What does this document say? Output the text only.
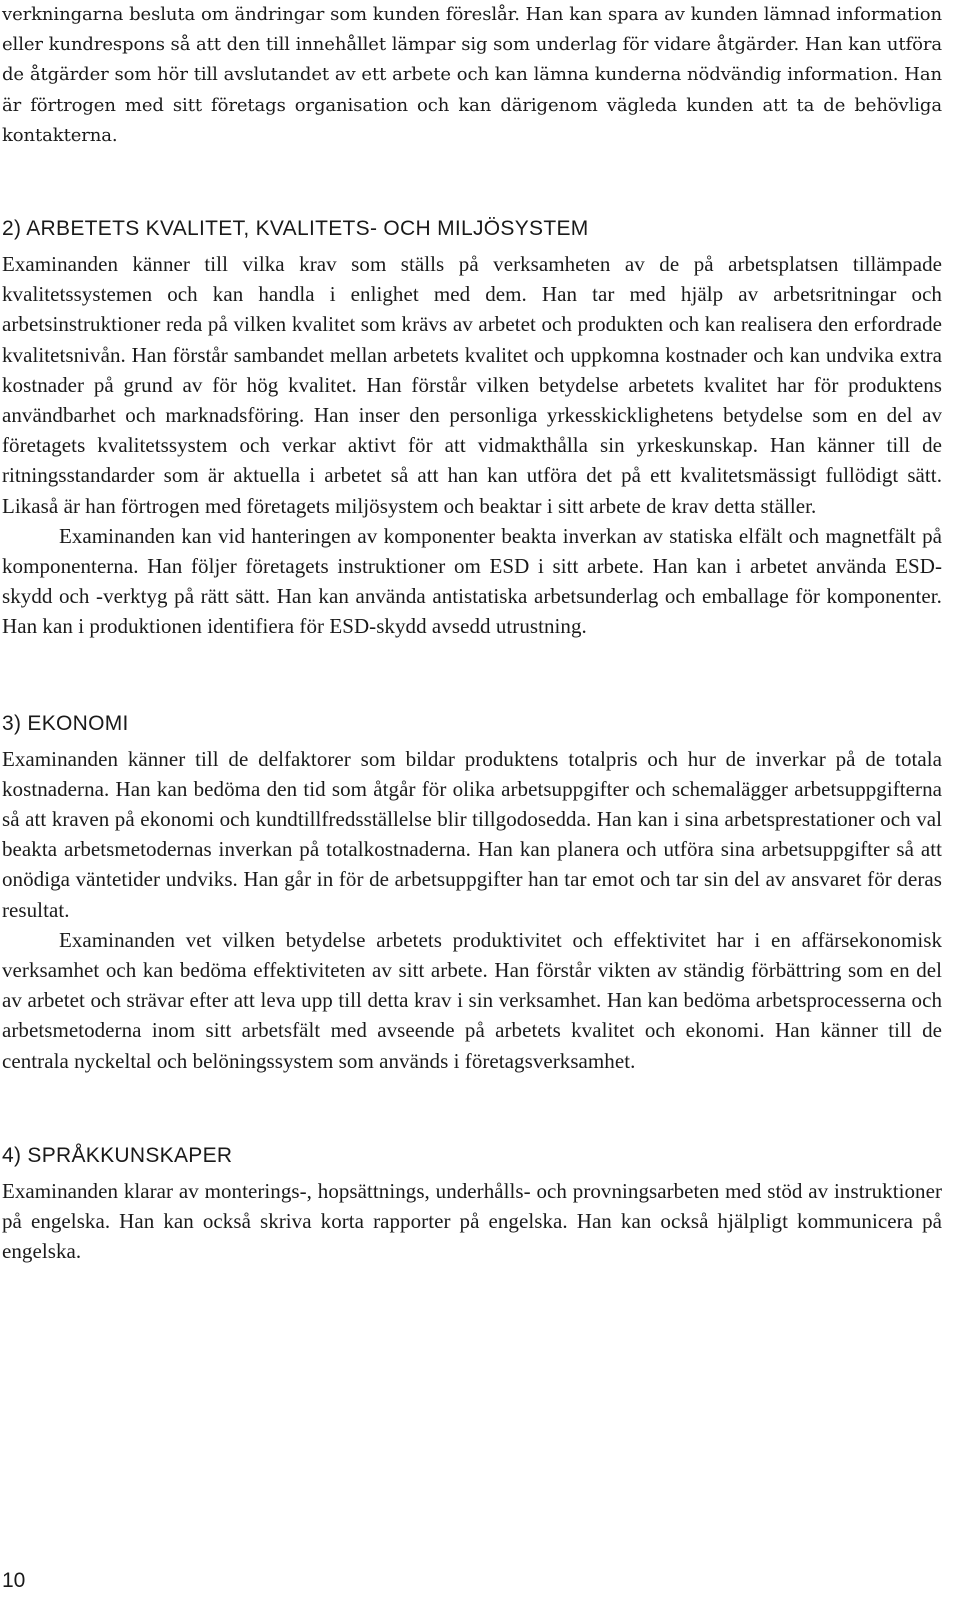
verkningarna besluta om ändringar som kunden föreslår. Han kan spara av kunden lämnad information eller kundrespons så att den till innehållet lämpar sig som underlag för vidare åtgärder. Han kan utföra de åtgärder som hör till avslutandet av ett arbete och kan lämna kunderna nödvändig information. Han är förtrogen med sitt företags organisation och kan därigenom vägleda kunden att ta de behövliga kontakterna.

2) ARBETETS KVALITET, KVALITETS- OCH MILJÖSYSTEM

Examinanden känner till vilka krav som ställs på verksamheten av de på arbetsplatsen tillämpade kvalitetssystemen och kan handla i enlighet med dem. Han tar med hjälp av arbetsritningar och arbetsinstruktioner reda på vilken kvalitet som krävs av arbetet och produkten och kan realisera den erfordrade kvalitetsnivån. Han förstår sambandet mellan arbetets kvalitet och uppkomna kostnader och kan undvika extra kostnader på grund av för hög kvalitet. Han förstår vilken betydelse arbetets kvalitet har för produktens användbarhet och marknadsföring. Han inser den personliga yrkesskicklighetens betydelse som en del av företagets kvalitetssystem och verkar aktivt för att vidmakthålla sin yrkeskunskap. Han känner till de ritningsstandarder som är aktuella i arbetet så att han kan utföra det på ett kvalitetsmässigt fullödigt sätt. Likaså är han förtrogen med företagets miljösystem och beaktar i sitt arbete de krav detta ställer.

Examinanden kan vid hanteringen av komponenter beakta inverkan av statiska elfält och magnetfält på komponenterna. Han följer företagets instruktioner om ESD i sitt arbete. Han kan i arbetet använda ESD-skydd och -verktyg på rätt sätt. Han kan använda antistatiska arbetsunderlag och emballage för komponenter. Han kan i produktionen identifiera för ESD-skydd avsedd utrustning.

3) EKONOMI

Examinanden känner till de delfaktorer som bildar produktens totalpris och hur de inverkar på de totala kostnaderna. Han kan bedöma den tid som åtgår för olika arbetsuppgifter och schemalägger arbetsuppgifterna så att kraven på ekonomi och kundtillfredsställelse blir tillgodosedda. Han kan i sina arbetsprestationer och val beakta arbetsmetodernas inverkan på totalkostnaderna. Han kan planera och utföra sina arbetsuppgifter så att onödiga väntetider undviks. Han går in för de arbetsuppgifter han tar emot och tar sin del av ansvaret för deras resultat.

Examinanden vet vilken betydelse arbetets produktivitet och effektivitet har i en affärsekonomisk verksamhet och kan bedöma effektiviteten av sitt arbete. Han förstår vikten av ständig förbättring som en del av arbetet och strävar efter att leva upp till detta krav i sin verksamhet. Han kan bedöma arbetsprocesserna och arbetsmetoderna inom sitt arbetsfält med avseende på arbetets kvalitet och ekonomi. Han känner till de centrala nyckeltal och belöningssystem som används i företagsverksamhet.

4) SPRÅKKUNSKAPER

Examinanden klarar av monterings-, hopsättnings, underhålls- och provningsarbeten med stöd av instruktioner på engelska. Han kan också skriva korta rapporter på engelska. Han kan också hjälpligt kommunicera på engelska.

10
